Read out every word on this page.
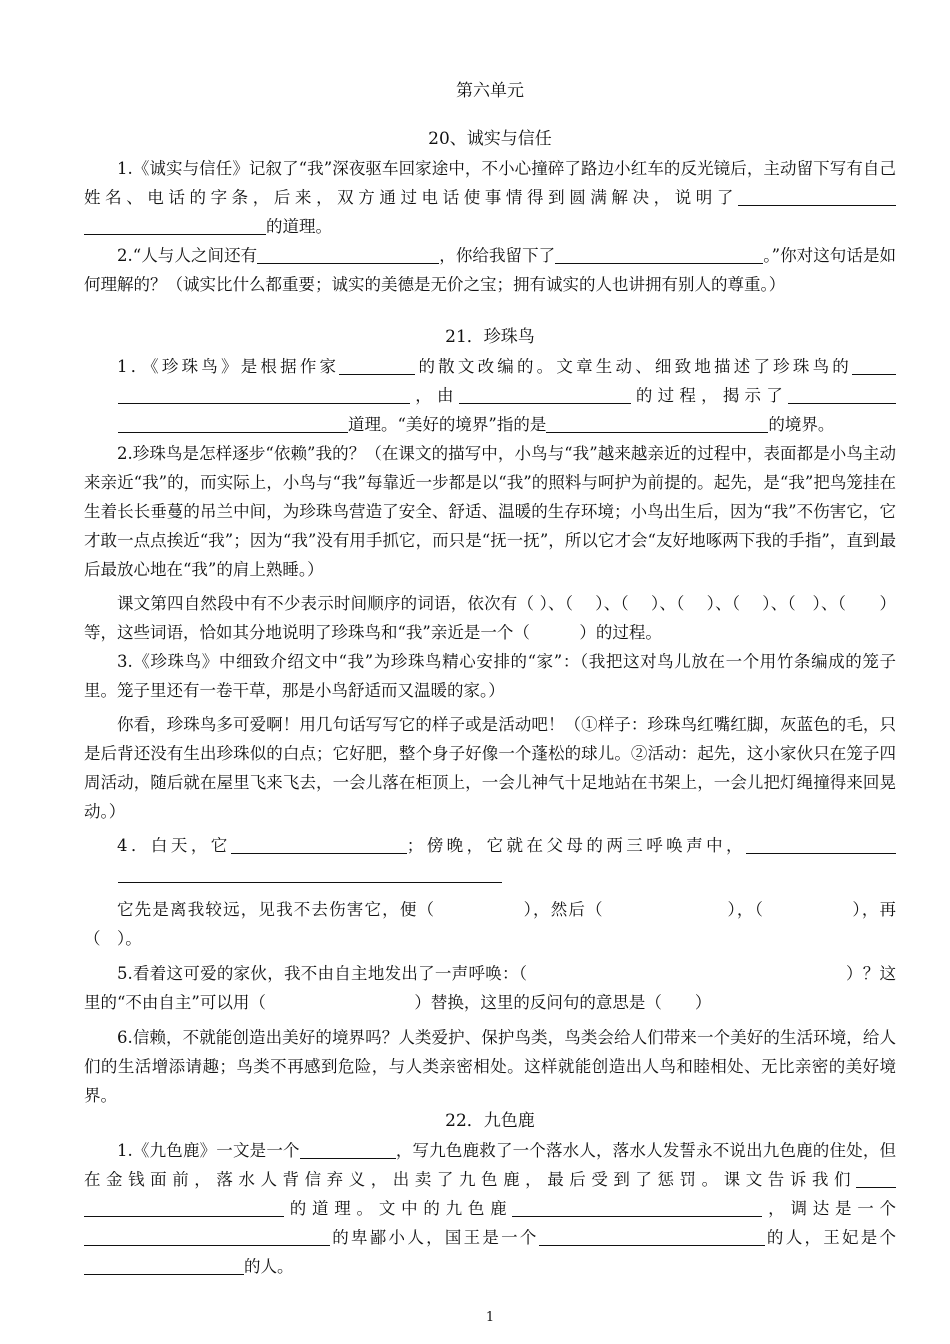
第六单元
20、诚实与信任

1.《诚实与信任》记叙了“我”深夜驱车回家途中，不小心撞碎了路边小红车的反光镜后，主动留下写有自己姓名、电话的字条，后来，双方通过电话使事情得到圆满解决，说明了的道理。

2.“人与人之间还有	，你给我留下了	。”你对这句话是如何理解的？（诚实比什么都重要；诚实的美德是无价之宝；拥有诚实的人也讲拥有别人的尊重。）

21．珍珠鸟

1．《珍珠鸟》是根据作家	的散文改编的。文章生动、细致地描述了珍珠鸟的，由	的过程，揭示了道理。“美好的境界”指的是	的境界。

2.珍珠鸟是怎样逐步“依赖”我的？（在课文的描写中，小鸟与“我”越来越亲近的过程中，表面都是小鸟主动来亲近“我”的，而实际上，小鸟与“我”每靠近一步都是以“我”的照料与呵护为前提的。起先，是“我”把鸟笼挂在生着长长垂蔓的吊兰中间，为珍珠鸟营造了安全、舒适、温暖的生存环境；小鸟出生后，因为“我”不伤害它，它才敢一点点挨近“我”；因为“我”没有用手抓它，而只是“抚一抚”，所以它才会“友好地啄两下我的手指”，直到最后最放心地在“我”的肩上熟睡。）

课文第四自然段中有不少表示时间顺序的词语，依次有（ ）、（　 ）、（　 ）、（　 ）、（　 ）、（　）、（　　）等，这些词语，恰如其分地说明了珍珠鸟和“我”亲近是一个（　　　）的过程。

3.《珍珠鸟》中细致介绍文中“我”为珍珠鸟精心安排的“家”：（我把这对鸟儿放在一个用竹条编成的笼子里。笼子里还有一卷干草，那是小鸟舒适而又温暖的家。）

你看，珍珠鸟多可爱啊！用几句话写写它的样子或是活动吧！（①样子：珍珠鸟红嘴红脚，灰蓝色的毛，只是后背还没有生出珍珠似的白点；它好肥，整个身子好像一个蓬松的球儿。②活动：起先，这小家伙只在笼子四周活动，随后就在屋里飞来飞去，一会儿落在柜顶上，一会儿神气十足地站在书架上，一会儿把灯绳撞得来回晃动。）

4．白天，它	；傍晚，它就在父母的两三呼唤声中，

它先是离我较远，见我不去伤害它，便（　　　　　），然后（　　　　　　　），（　　　　　），再（　）。

5.看着这可爱的家伙，我不由自主地发出了一声呼唤：（　　　　　　　　　　　　　　　　　　　）？这里的“不由自主”可以用（　　　　　　　　　）替换，这里的反问句的意思是（　　）

6.信赖，不就能创造出美好的境界吗？人类爱护、保护鸟类，鸟类会给人们带来一个美好的生活环境，给人们的生活增添请趣；鸟类不再感到危险，与人类亲密相处。这样就能创造出人鸟和睦相处、无比亲密的美好境界。

22．九色鹿

1.《九色鹿》一文是一个	，写九色鹿救了一个落水人，落水人发誓永不说出九色鹿的住处，但在金钱面前，落水人背信弃义，出卖了九色鹿，最后受到了惩罚。课文告诉我们的道理。文中的九色鹿	，调达是一个的卑鄙小人，国王是一个	的人，王妃是个的人。

1
